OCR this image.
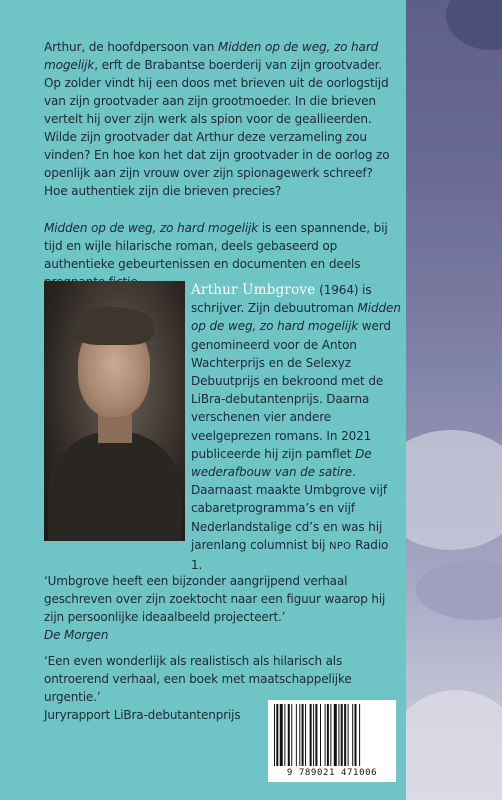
Arthur, de hoofdpersoon van Midden op de weg, zo hard mogelijk, erft de Brabantse boerderij van zijn grootvader. Op zolder vindt hij een doos met brieven uit de oorlogstijd van zijn grootvader aan zijn grootmoeder. In die brieven vertelt hij over zijn werk als spion voor de geallieerden. Wilde zijn grootvader dat Arthur deze verzameling zou vinden? En hoe kon het dat zijn grootvader in de oorlog zo openlijk aan zijn vrouw over zijn spionagewerk schreef? Hoe authentiek zijn die brieven precies?
Midden op de weg, zo hard mogelijk is een spannende, bij tijd en wijle hilarische roman, deels gebaseerd op authentieke gebeurtenissen en documenten en deels
Arthur Umbgrove (1964) is schrijver. Zijn debuutroman Midden op de weg, zo hard mogelijk werd genomineerd voor de Anton Wachterprijs en de Selexyz Debuutprijs en bekroond met de LiBra-debutantenprijs. Daarna verschenen vier andere veelgeprezen romans. In 2021 publiceerde hij zijn pamflet De wederafbouw van de satire. Daarnaast maakte Umbgrove vijf cabaretprogramma’s en vijf Nederlandstalige cd’s en was hij jarenlang columnist bij NPO Radio 1.
‘Umbgrove heeft een bijzonder aangrijpend verhaal geschreven over zijn zoektocht naar een figuur waarop hij zijn persoonlijke ideaalbeeld projecteert.’
De Morgen
‘Een even wonderlijk als realistisch als hilarisch als ontroerend verhaal, een boek met maatschappelijke urgentie.’
Juryrapport LiBra-debutantenprijs
9 789021 471006
